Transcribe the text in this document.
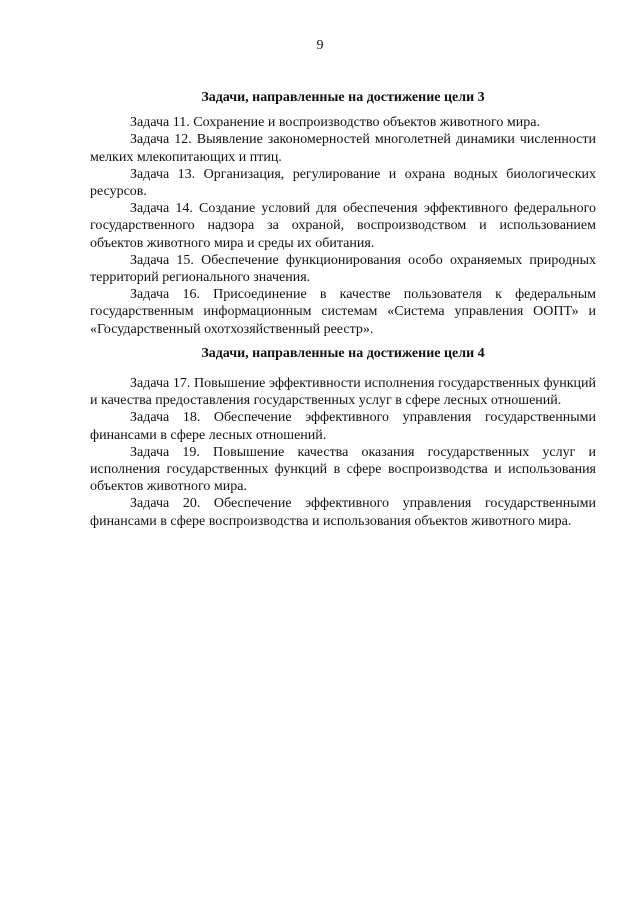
9

Задачи, направленные на достижение цели 3

Задача 11. Сохранение и воспроизводство объектов животного мира.

Задача 12. Выявление закономерностей многолетней динамики численности мелких млекопитающих и птиц.

Задача 13. Организация, регулирование и охрана водных биологических ресурсов.

Задача 14. Создание условий для обеспечения эффективного федерального государственного надзора за охраной, воспроизводством и использованием объектов животного мира и среды их обитания.

Задача 15. Обеспечение функционирования особо охраняемых природных территорий регионального значения.

Задача 16. Присоединение в качестве пользователя к федеральным государственным информационным системам «Система управления ООПТ» и «Государственный охотхозяйственный реестр».

Задачи, направленные на достижение цели 4

Задача 17. Повышение эффективности исполнения государственных функций и качества предоставления государственных услуг в сфере лесных отношений.

Задача 18. Обеспечение эффективного управления государственными финансами в сфере лесных отношений.

Задача 19. Повышение качества оказания государственных услуг и исполнения государственных функций в сфере воспроизводства и использования объектов животного мира.

Задача 20. Обеспечение эффективного управления государственными финансами в сфере воспроизводства и использования объектов животного мира.
